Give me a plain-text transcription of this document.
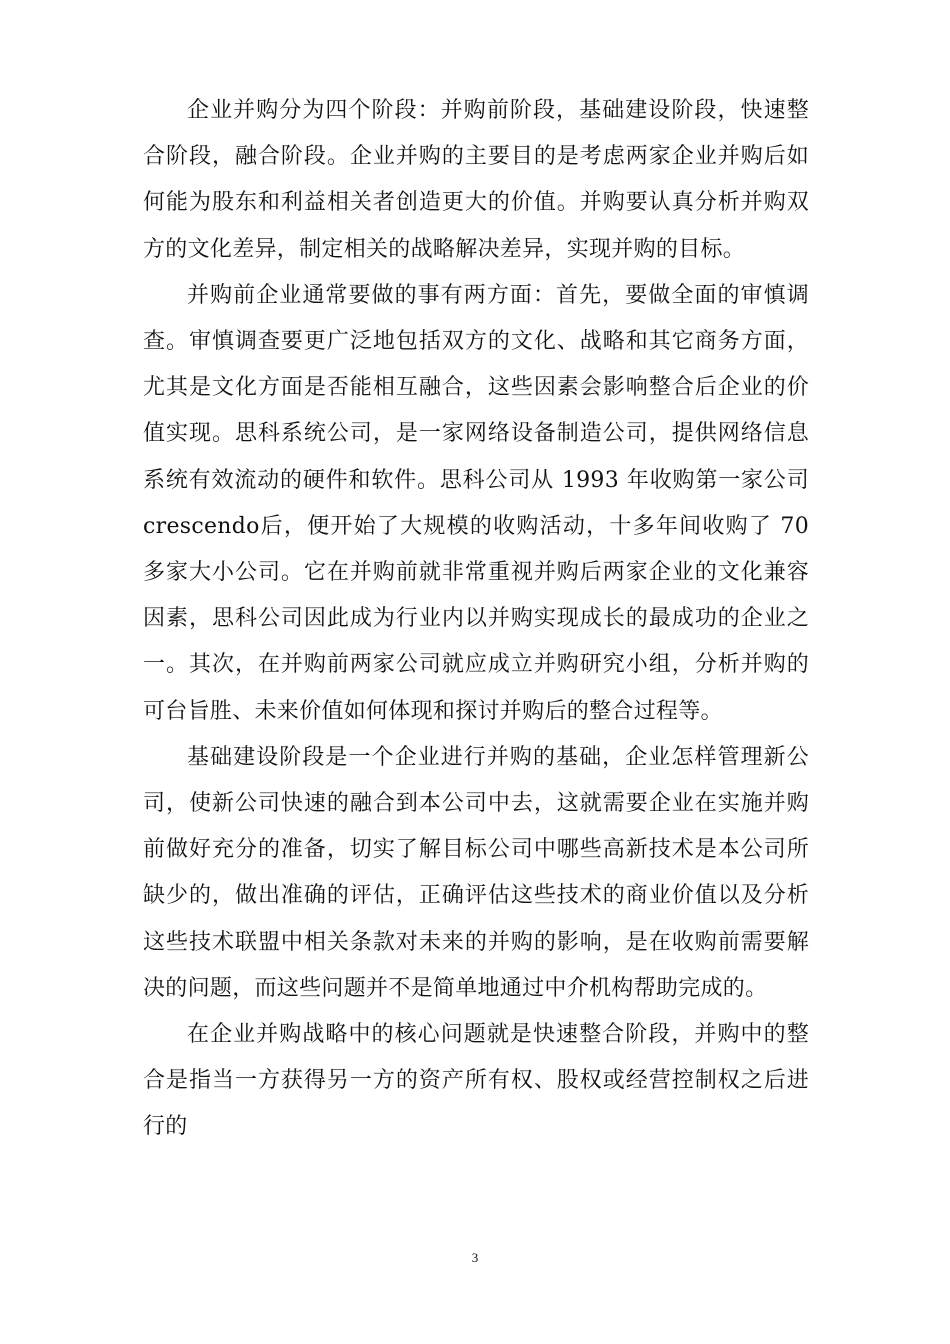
企业并购分为四个阶段：并购前阶段，基础建设阶段，快速整合阶段，融合阶段。企业并购的主要目的是考虑两家企业并购后如何能为股东和利益相关者创造更大的价值。并购要认真分析并购双方的文化差异，制定相关的战略解决差异，实现并购的目标。

并购前企业通常要做的事有两方面：首先，要做全面的审慎调查。审慎调查要更广泛地包括双方的文化、战略和其它商务方面，尤其是文化方面是否能相互融合，这些因素会影响整合后企业的价值实现。思科系统公司，是一家网络设备制造公司，提供网络信息系统有效流动的硬件和软件。思科公司从 1993 年收购第一家公司crescendo后，便开始了大规模的收购活动，十多年间收购了 70 多家大小公司。它在并购前就非常重视并购后两家企业的文化兼容因素，思科公司因此成为行业内以并购实现成长的最成功的企业之一。其次，在并购前两家公司就应成立并购研究小组，分析并购的可台旨胜、未来价值如何体现和探讨并购后的整合过程等。

基础建设阶段是一个企业进行并购的基础，企业怎样管理新公司，使新公司快速的融合到本公司中去，这就需要企业在实施并购前做好充分的准备，切实了解目标公司中哪些高新技术是本公司所缺少的，做出准确的评估，正确评估这些技术的商业价值以及分析这些技术联盟中相关条款对未来的并购的影响，是在收购前需要解决的问题，而这些问题并不是简单地通过中介机构帮助完成的。

在企业并购战略中的核心问题就是快速整合阶段，并购中的整合是指当一方获得另一方的资产所有权、股权或经营控制权之后进行的

3
